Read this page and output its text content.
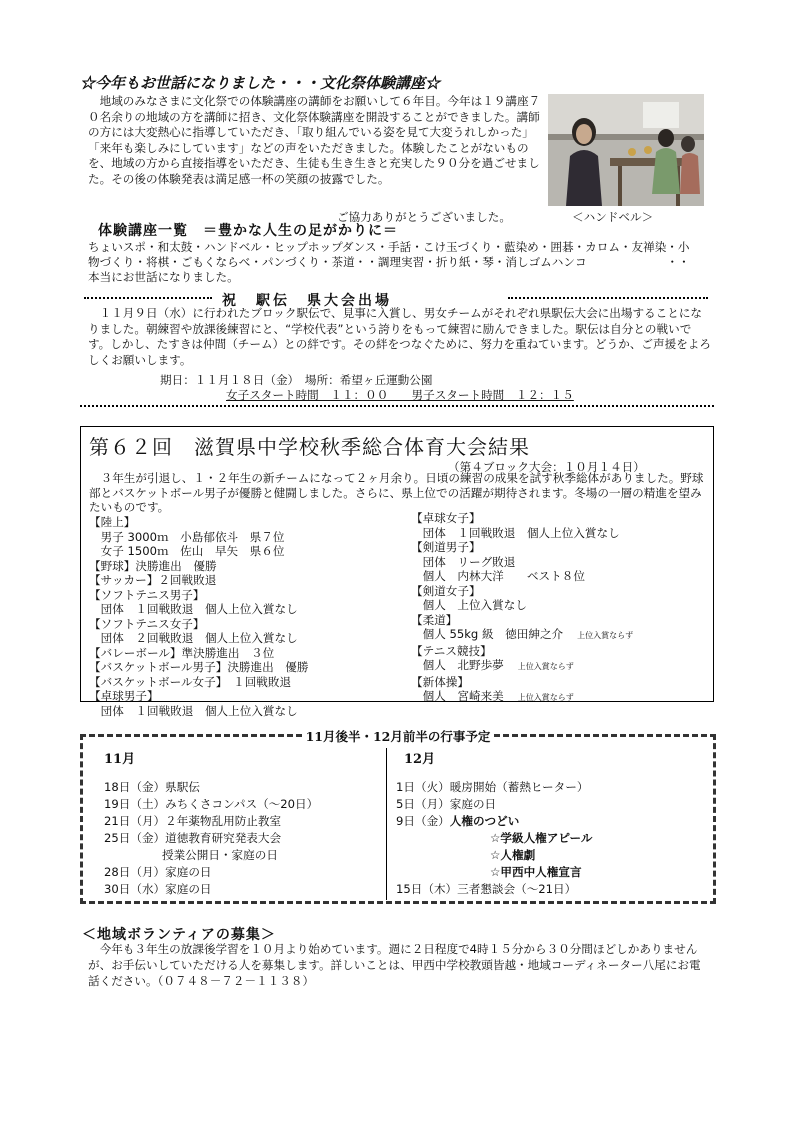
☆今年もお世話になりました・・・文化祭体験講座☆

地域のみなさまに文化祭での体験講座の講師をお願いして６年目。今年は１９講座７０名余りの地域の方を講師に招き、文化祭体験講座を開設することができました。講師の方には大変熱心に指導していただき、「取り組んでいる姿を見て大変うれしかった」「来年も楽しみにしています」などの声をいただきました。体験したことがないものを、地域の方から直接指導をいただき、生徒も生き生きと充実した９０分を過ごせました。その後の体験発表は満足感一杯の笑顔の披露でした。

ご協力ありがとうございました。	＜ハンドベル＞
体験講座一覧　＝豊かな人生の足がかりに＝
ちょいスポ・和太鼓・ハンドベル・ヒップホップダンス・手話・こけ玉づくり・藍染め・囲碁・カロム・友禅染・小物づくり・将棋・ごもくならべ・パンづくり・茶道・・調理実習・折り紙・琴・消しゴムハンコ	・・本当にお世話になりました。
祝　駅伝　県大会出場

１１月９日（水）に行われたブロック駅伝で、見事に入賞し、男女チームがそれぞれ県駅伝大会に出場することになりました。朝練習や放課後練習にと、“学校代表”という誇りをもって練習に励んできました。駅伝は自分との戦いです。しかし、たすきは仲間（チーム）との絆です。その絆をつなぐために、努力を重ねています。どうか、ご声援をよろしくお願いします。

期日：１１月１８日（金）　場所：希望ヶ丘運動公園
女子スタート時間　１１：００　　男子スタート時間　１２：１５
第６２回　滋賀県中学校秋季総合体育大会結果
（第４ブロック大会：１０月１４日）

３年生が引退し、１・２年生の新チームになって２ヶ月余り。日頃の練習の成果を試す秋季総体がありました。野球部とバスケットボール男子が優勝と健闘しました。さらに、県上位での活躍が期待されます。冬場の一層の精進を望みたいものです。

【陸上】
　男子 3000ｍ　小島郁依斗　県７位
　女子 1500ｍ　佐山　早矢　県６位
【野球】決勝進出　優勝
【サッカー】２回戦敗退
【ソフトテニス男子】
　団体　１回戦敗退　個人上位入賞なし
【ソフトテニス女子】
　団体　２回戦敗退　個人上位入賞なし
【バレーボール】準決勝進出　３位
【バスケットボール男子】決勝進出　優勝
【バスケットボール女子】　１回戦敗退
【卓球男子】
　団体　１回戦敗退　個人上位入賞なし
【卓球女子】
　団体　１回戦敗退　個人上位入賞なし
【剣道男子】
　団体　リーグ敗退
　個人　内林大洋　　ベスト８位
【剣道女子】
　個人　上位入賞なし
【柔道】
　個人 55kg 級　徳田紳之介 上位入賞ならず
【テニス競技】
　個人　北野歩夢 上位入賞ならず
【新体操】
　個人　宮崎来美 上位入賞ならず
11月後半・12月前半の行事予定
11月
18日（金）県駅伝
19日（土）みちくさコンパス（～20日）
21日（月）２年薬物乱用防止教室
25日（金）道徳教育研究発表大会
　　　　　授業公開日・家庭の日
28日（月）家庭の日
30日（水）家庭の日
12月
1日（火）暖房開始（蓄熱ヒーター）
5日（月）家庭の日
9日（金）人権のつどい
☆学級人権アピール
☆人権劇
☆甲西中人権宣言
15日（木）三者懇談会（～21日）
＜地域ボランティアの募集＞

今年も３年生の放課後学習を１０月より始めています。週に２日程度で4時１５分から３０分間ほどしかありませんが、お手伝いしていただける人を募集します。詳しいことは、甲西中学校教頭皆越・地域コーディネーター八尾にお電話ください。（０７４８－７２－１１３８）
